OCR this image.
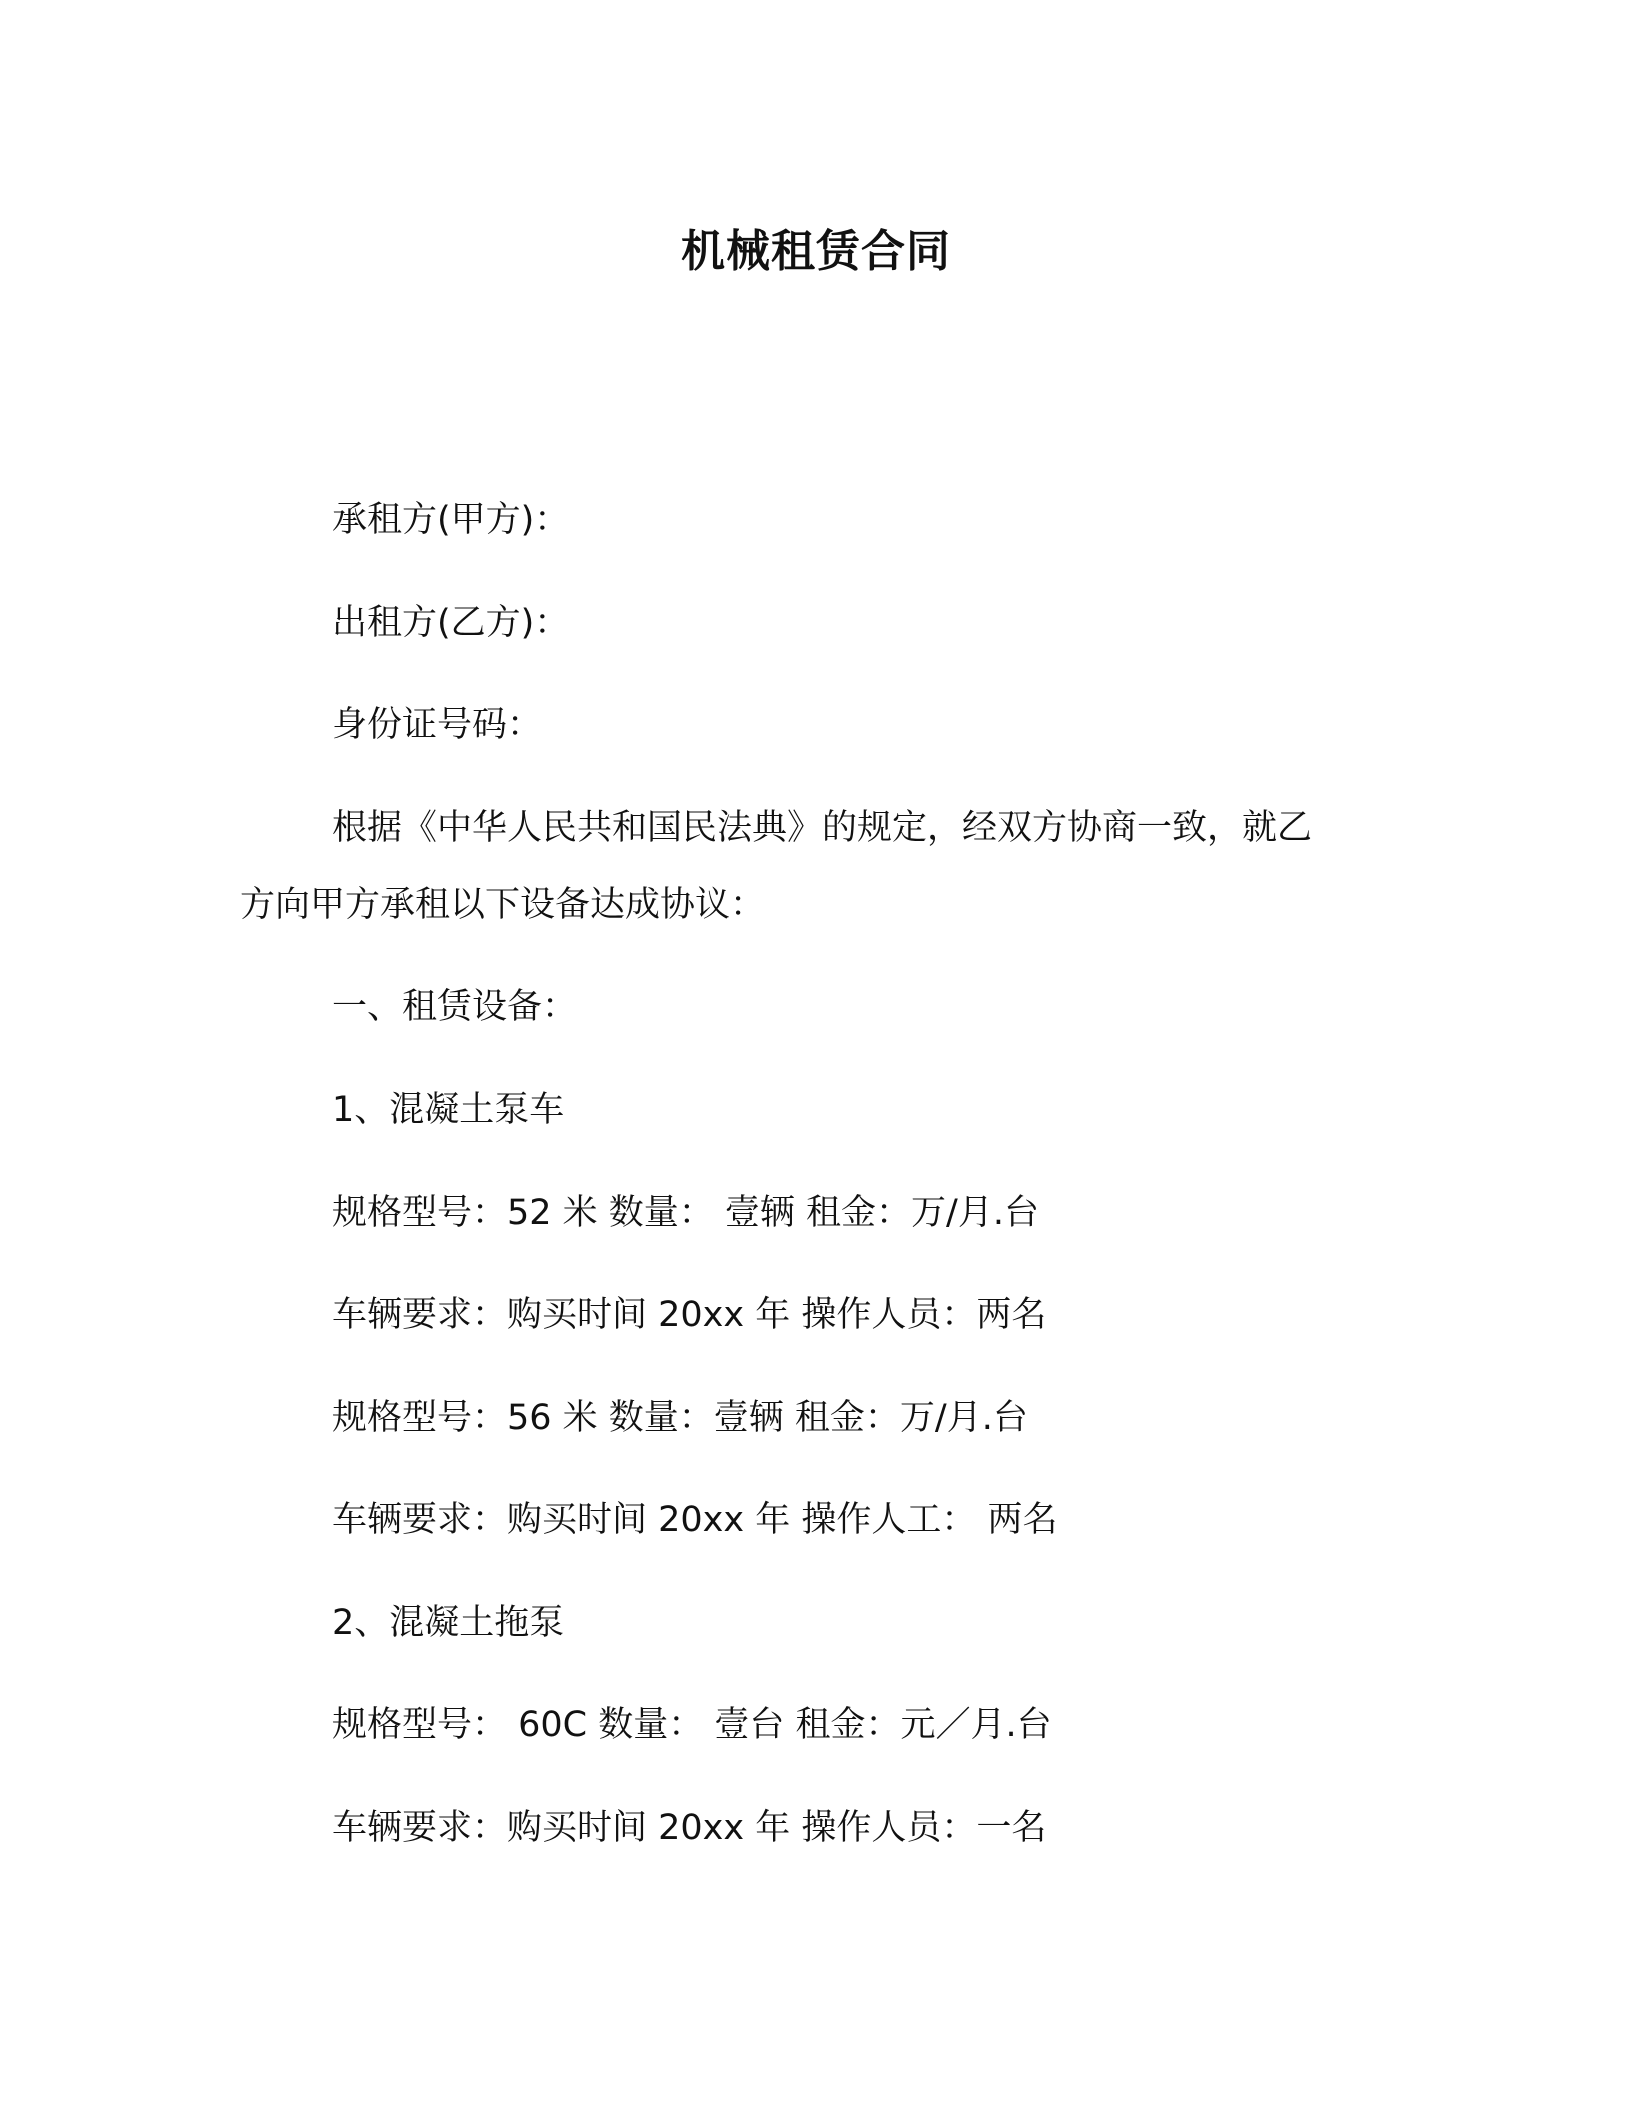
机械租赁合同
承租方(甲方)：
出租方(乙方)：
身份证号码：
根据《中华人民共和国民法典》的规定，经双方协商一致，就乙
方向甲方承租以下设备达成协议：
一、租赁设备：
1、混凝土泵车
规格型号：52 米 数量： 壹辆 租金：万/月.台
车辆要求：购买时间 20xx 年 操作人员：两名
规格型号：56 米 数量：壹辆 租金：万/月.台
车辆要求：购买时间 20xx 年 操作人工： 两名
2、混凝土拖泵
规格型号： 60C 数量： 壹台 租金：元／月.台
车辆要求：购买时间 20xx 年 操作人员：一名
